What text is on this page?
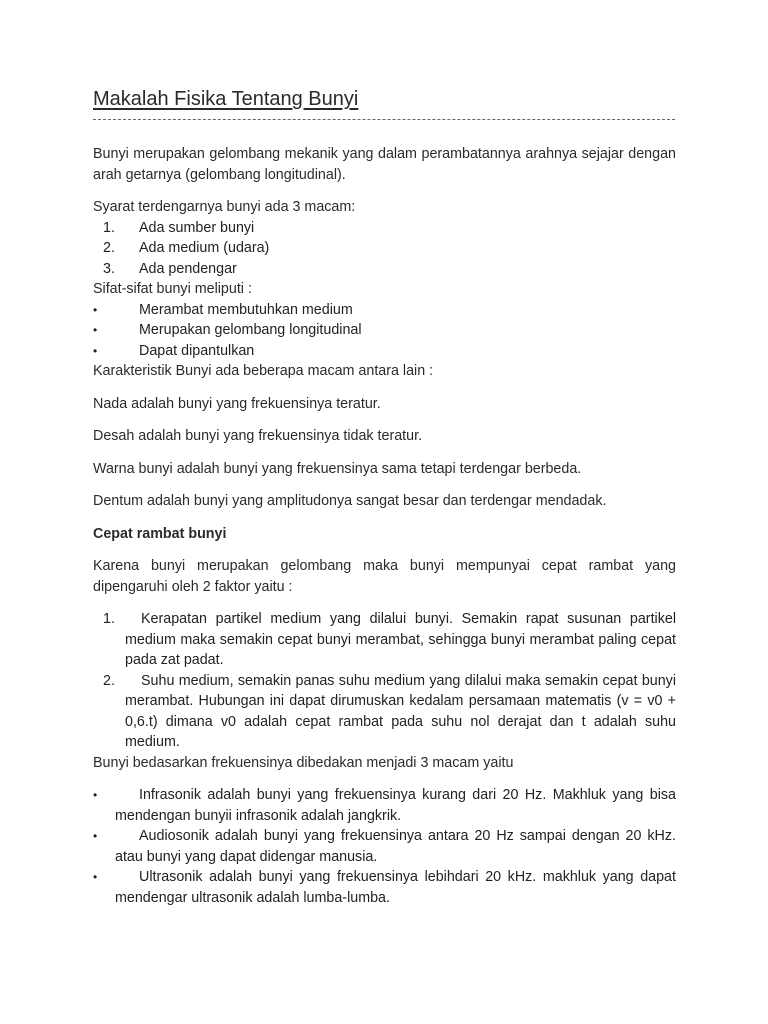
Makalah Fisika Tentang Bunyi

Bunyi merupakan gelombang mekanik yang dalam perambatannya arahnya sejajar dengan arah getarnya (gelombang longitudinal).

Syarat terdengarnya bunyi ada 3 macam:

1.	Ada sumber bunyi
2.	Ada medium (udara)
3.	Ada pendengar

Sifat-sifat bunyi meliputi :

•	Merambat membutuhkan medium
•	Merupakan gelombang longitudinal
•	Dapat dipantulkan

Karakteristik Bunyi ada beberapa macam antara lain :

Nada adalah bunyi yang frekuensinya teratur.

Desah adalah bunyi yang frekuensinya tidak teratur.

Warna bunyi adalah bunyi yang frekuensinya sama tetapi terdengar berbeda.

Dentum adalah bunyi yang amplitudonya sangat besar dan terdengar mendadak.

Cepat rambat bunyi

Karena bunyi merupakan gelombang maka bunyi mempunyai cepat rambat yang dipengaruhi oleh 2 faktor yaitu :

1. Kerapatan partikel medium yang dilalui bunyi. Semakin rapat susunan partikel medium maka semakin cepat bunyi merambat, sehingga bunyi merambat paling cepat pada zat padat.
2. Suhu medium, semakin panas suhu medium yang dilalui maka semakin cepat bunyi merambat. Hubungan ini dapat dirumuskan kedalam persamaan matematis (v = v0 + 0,6.t) dimana v0 adalah cepat rambat pada suhu nol derajat dan t adalah suhu medium.

Bunyi bedasarkan frekuensinya dibedakan menjadi 3 macam yaitu

•	Infrasonik adalah bunyi yang frekuensinya kurang dari 20 Hz. Makhluk yang bisa mendengan bunyii infrasonik adalah jangkrik.
•	Audiosonik adalah bunyi yang frekuensinya antara 20 Hz sampai dengan 20 kHz. atau bunyi yang dapat didengar manusia.
•	Ultrasonik adalah bunyi yang frekuensinya lebihdari 20 kHz. makhluk yang dapat mendengar ultrasonik adalah lumba-lumba.
